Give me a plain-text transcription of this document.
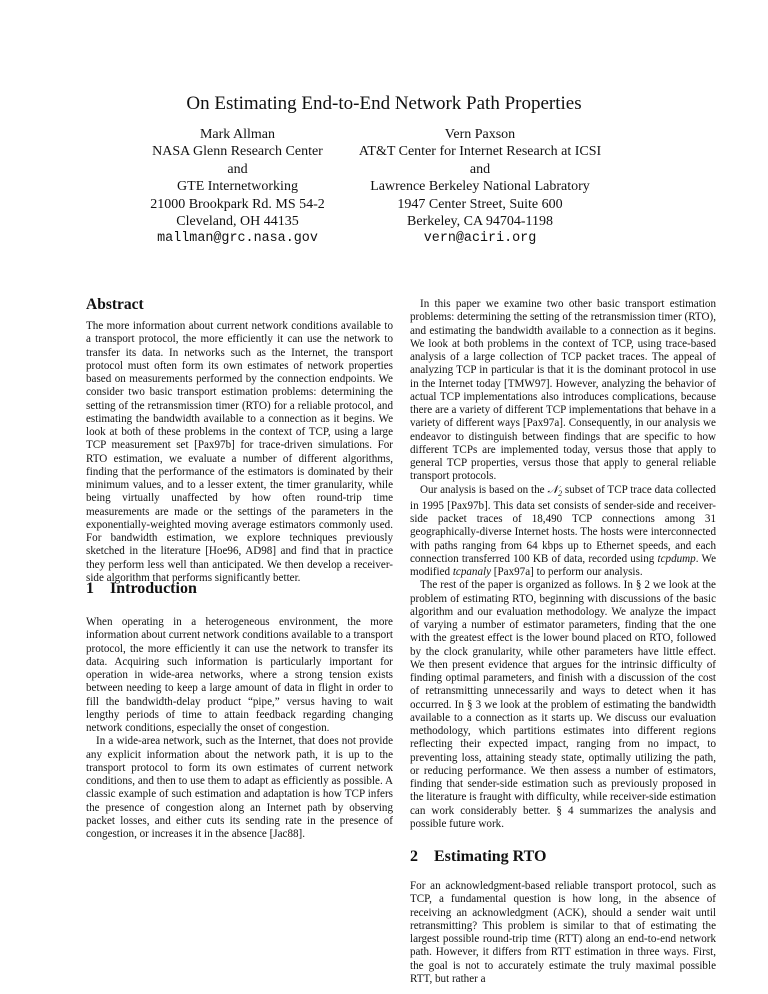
On Estimating End-to-End Network Path Properties
Mark Allman
NASA Glenn Research Center
and
GTE Internetworking
21000 Brookpark Rd. MS 54-2
Cleveland, OH 44135
mallman@grc.nasa.gov
Vern Paxson
AT&T Center for Internet Research at ICSI
and
Lawrence Berkeley National Labratory
1947 Center Street, Suite 600
Berkeley, CA 94704-1198
vern@aciri.org
Abstract

The more information about current network conditions available to a transport protocol, the more efficiently it can use the network to transfer its data. In networks such as the Internet, the transport protocol must often form its own estimates of network properties based on measurements performed by the connection endpoints. We consider two basic transport estimation problems: determining the setting of the retransmission timer (RTO) for a reliable protocol, and estimating the bandwidth available to a connection as it begins. We look at both of these problems in the context of TCP, using a large TCP measurement set [Pax97b] for trace-driven simulations. For RTO estimation, we evaluate a number of different algorithms, finding that the performance of the estimators is dominated by their minimum values, and to a lesser extent, the timer granularity, while being virtually unaffected by how often round-trip time measurements are made or the settings of the parameters in the exponentially-weighted moving average estimators commonly used. For bandwidth estimation, we explore techniques previously sketched in the literature [Hoe96, AD98] and find that in practice they perform less well than anticipated. We then develop a receiver-side algorithm that performs significantly better.

1 Introduction

When operating in a heterogeneous environment, the more information about current network conditions available to a transport protocol, the more efficiently it can use the network to transfer its data. Acquiring such information is particularly important for operation in wide-area networks, where a strong tension exists between needing to keep a large amount of data in flight in order to fill the bandwidth-delay product “pipe,” versus having to wait lengthy periods of time to attain feedback regarding changing network conditions, especially the onset of congestion.

In a wide-area network, such as the Internet, that does not provide any explicit information about the network path, it is up to the transport protocol to form its own estimates of current network conditions, and then to use them to adapt as efficiently as possible. A classic example of such estimation and adaptation is how TCP infers the presence of congestion along an Internet path by observing packet losses, and either cuts its sending rate in the presence of congestion, or increases it in the absence [Jac88].

In this paper we examine two other basic transport estimation problems: determining the setting of the retransmission timer (RTO), and estimating the bandwidth available to a connection as it begins. We look at both problems in the context of TCP, using trace-based analysis of a large collection of TCP packet traces. The appeal of analyzing TCP in particular is that it is the dominant protocol in use in the Internet today [TMW97]. However, analyzing the behavior of actual TCP implementations also introduces complications, because there are a variety of different TCP implementations that behave in a variety of different ways [Pax97a]. Consequently, in our analysis we endeavor to distinguish between findings that are specific to how different TCPs are implemented today, versus those that apply to general TCP properties, versus those that apply to general reliable transport protocols.

Our analysis is based on the 𝒩$_2$ subset of TCP trace data collected in 1995 [Pax97b]. This data set consists of sender-side and receiver-side packet traces of 18,490 TCP connections among 31 geographically-diverse Internet hosts. The hosts were interconnected with paths ranging from 64 kbps up to Ethernet speeds, and each connection transferred 100 KB of data, recorded using tcpdump. We modified tcpanaly [Pax97a] to perform our analysis.

The rest of the paper is organized as follows. In § 2 we look at the problem of estimating RTO, beginning with discussions of the basic algorithm and our evaluation methodology. We analyze the impact of varying a number of estimator parameters, finding that the one with the greatest effect is the lower bound placed on RTO, followed by the clock granularity, while other parameters have little effect. We then present evidence that argues for the intrinsic difficulty of finding optimal parameters, and finish with a discussion of the cost of retransmitting unnecessarily and ways to detect when it has occurred. In § 3 we look at the problem of estimating the bandwidth available to a connection as it starts up. We discuss our evaluation methodology, which partitions estimates into different regions reflecting their expected impact, ranging from no impact, to preventing loss, attaining steady state, optimally utilizing the path, or reducing performance. We then assess a number of estimators, finding that sender-side estimation such as previously proposed in the literature is fraught with difficulty, while receiver-side estimation can work considerably better. § 4 summarizes the analysis and possible future work.

2 Estimating RTO

For an acknowledgment-based reliable transport protocol, such as TCP, a fundamental question is how long, in the absence of receiving an acknowledgment (ACK), should a sender wait until retransmitting? This problem is similar to that of estimating the largest possible round-trip time (RTT) along an end-to-end network path. However, it differs from RTT estimation in three ways. First, the goal is not to accurately estimate the truly maximal possible RTT, but rather a
